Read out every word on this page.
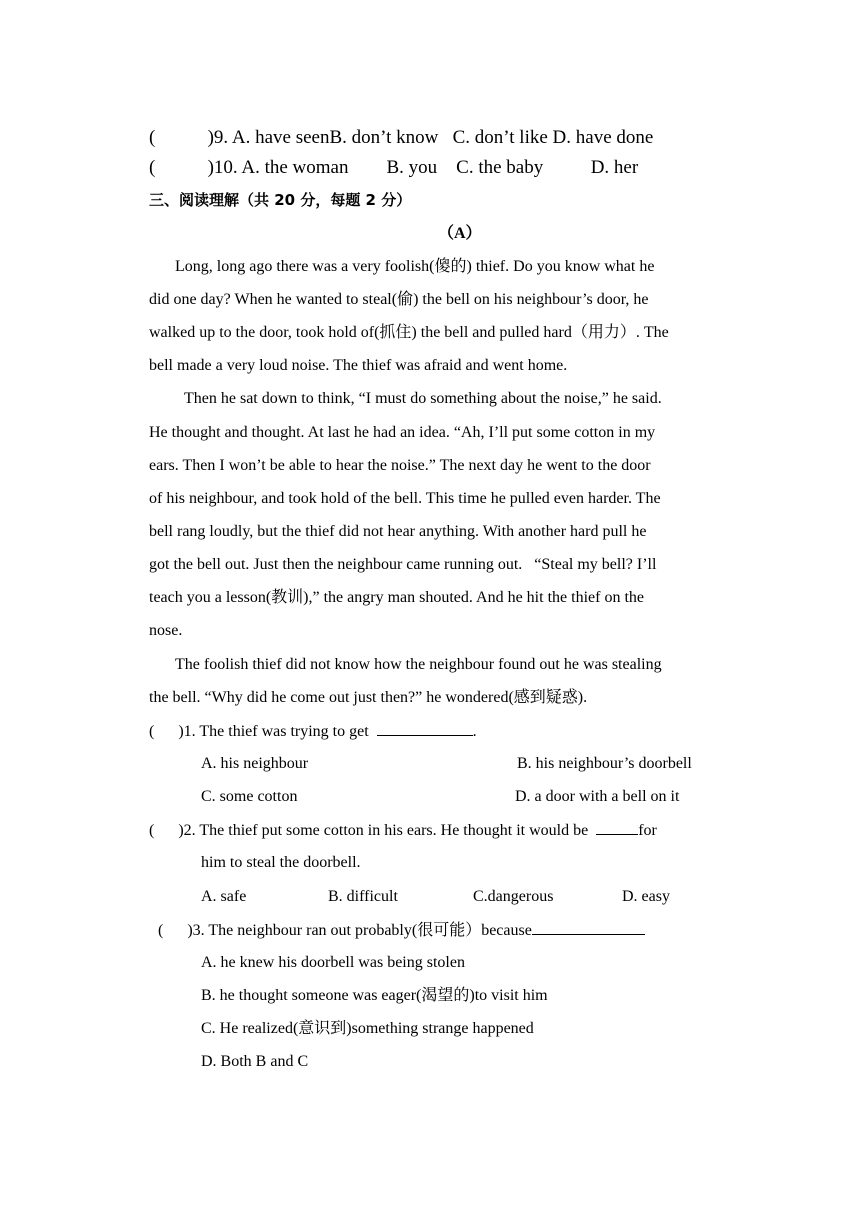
(           )9. A. have seenB. don’t know   C. don’t like D. have done
(           )10. A. the woman        B. you    C. the baby          D. her
三、阅读理解（共 20 分，每题 2 分）
（A）
Long, long ago there was a very foolish(傻的) thief. Do you know what he
did one day? When he wanted to steal(偷) the bell on his neighbour’s door, he
walked up to the door, took hold of(抓住) the bell and pulled hard（用力）. The
bell made a very loud noise. The thief was afraid and went home.
Then he sat down to think, “I must do something about the noise,” he said.
He thought and thought. At last he had an idea. “Ah, I’ll put some cotton in my
ears. Then I won’t be able to hear the noise.” The next day he went to the door
of his neighbour, and took hold of the bell. This time he pulled even harder. The
bell rang loudly, but the thief did not hear anything. With another hard pull he
got the bell out. Just then the neighbour came running out.   “Steal my bell? I’ll
teach you a lesson(教训),” the angry man shouted. And he hit the thief on the
nose.
The foolish thief did not know how the neighbour found out he was stealing
the bell. “Why did he come out just then?” he wondered(感到疑惑).
(      )1. The thief was trying to get	.
A. his neighbour	B. his neighbour’s doorbell
C. some cotton	D. a door with a bell on it
(      )2. The thief put some cotton in his ears. He thought it would be	for
him to steal the doorbell.
A. safe	B. difficult	C.dangerous	D. easy
(      )3. The neighbour ran out probably(很可能）because
A. he knew his doorbell was being stolen
B. he thought someone was eager(渴望的)to visit him
C. He realized(意识到)something strange happened
D. Both B and C
